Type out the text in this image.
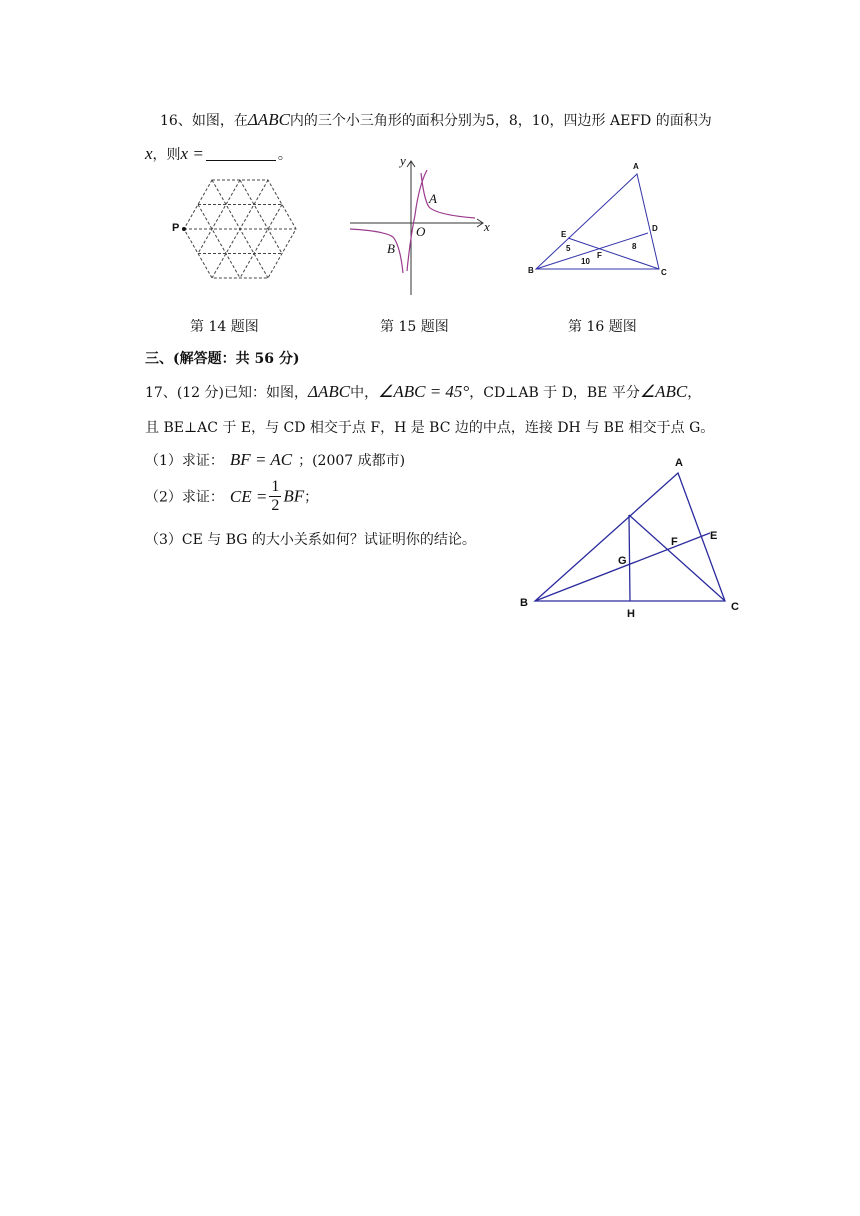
16、如图，在ΔABC内的三个小三角形的面积分别为5，8，10，四边形 AEFD 的面积为
x，则x =	。
P
第 14 题图
y
x
O
A
B
第 15 题图
A
B	C
D
E
F
5	8
10
第 16 题图
三、(解答题：共 56 分)
17、(12 分)已知：如图，ΔABC中，∠ABC = 45°，CD⊥AB 于 D，BE 平分∠ABC，
且 BE⊥AC 于 E，与 CD 相交于点 F，H 是 BC 边的中点，连接 DH 与 BE 相交于点 G。
（1）求证： BF = AC ；(2007 成都市)
（2）求证： CE = $\frac{1}{2}$ BF；
（3）CE 与 BG 的大小关系如何？试证明你的结论。
A
B	C
E
F
G
H
